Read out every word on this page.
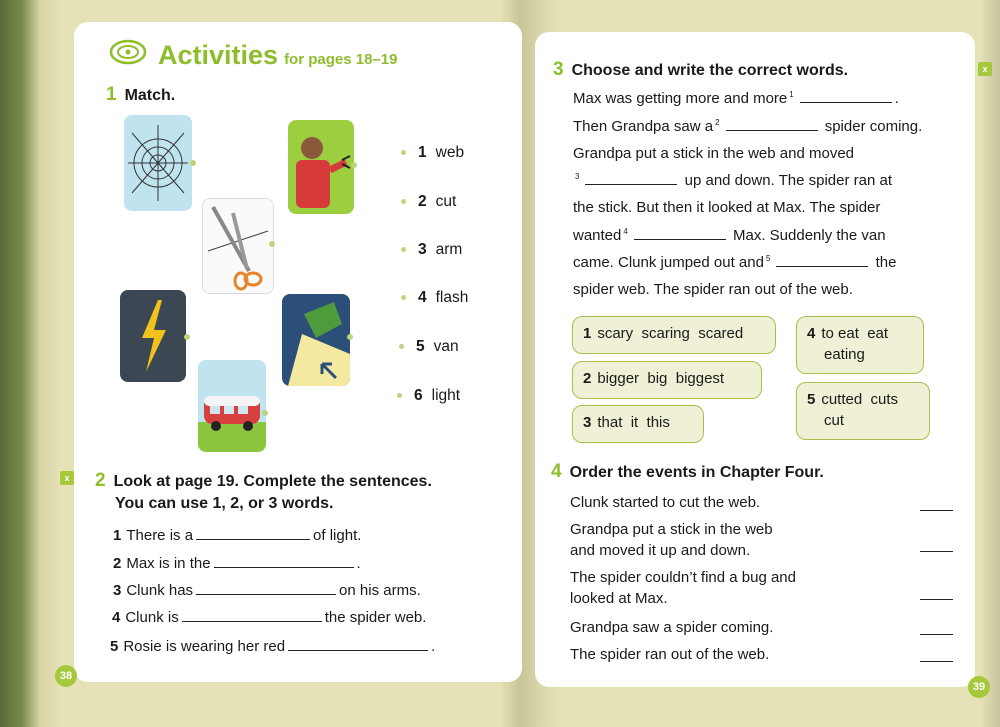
Activities for pages 18–19
1 Match.
1 web
2 cut
3 arm
4 flash
5 van
6 light
x 2 Look at page 19. Complete the sentences.
You can use 1, 2, or 3 words.
1 There is a	of light.
2 Max is in the	.
3 Clunk has	on his arms.
4 Clunk is	the spider web.
5 Rosie is wearing her red	.
38
x
3 Choose and write the correct words.
Max was getting more and more $^1$	.
Then Grandpa saw a $^2$	spider coming.
Grandpa put a stick in the web and moved
$^3$	up and down. The spider ran at
the stick. But then it looked at Max. The spider
wanted $^4$	Max. Suddenly the van
came. Clunk jumped out and $^5$	the
spider web. The spider ran out of the web.
1 scary  scaring  scared
2 bigger  big  biggest
3 that  it  this
4 to eat  eat
eating
5 cutted  cuts
cut
4 Order the events in Chapter Four.
Clunk started to cut the web.
Grandpa put a stick in the web
and moved it up and down.
The spider couldn’t find a bug and
looked at Max.
Grandpa saw a spider coming.
The spider ran out of the web.
39
